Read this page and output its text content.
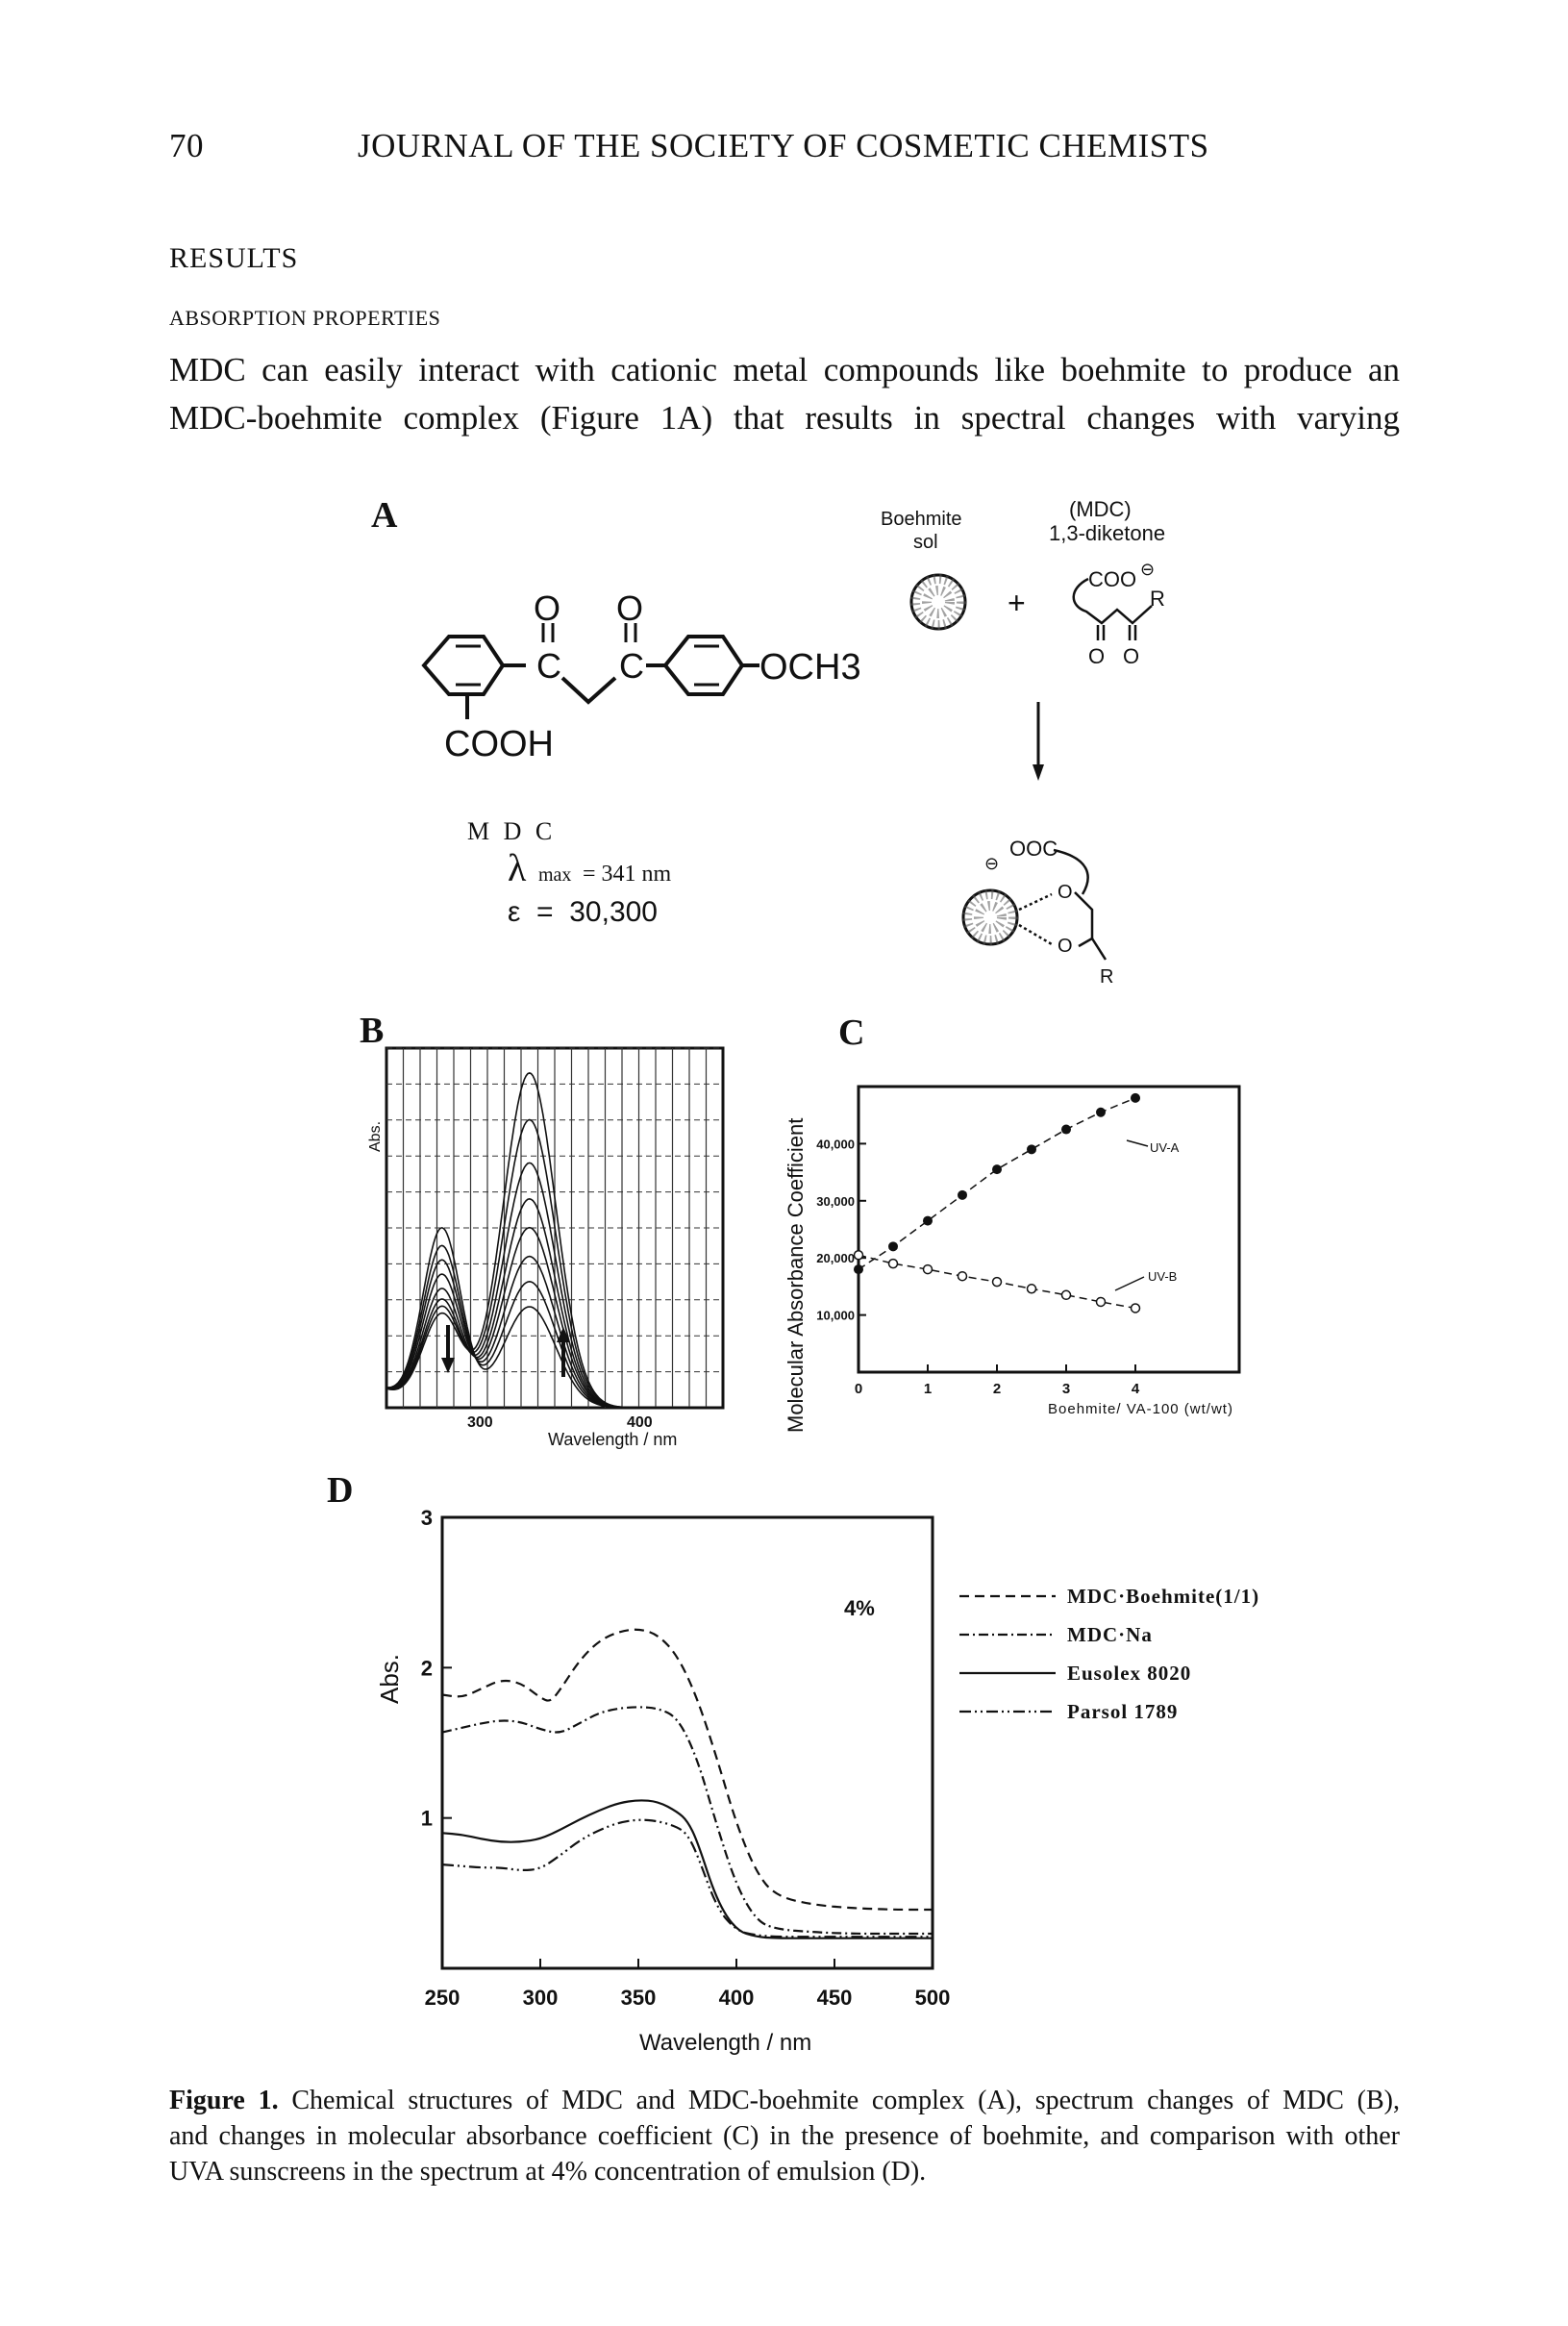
70	JOURNAL OF THE SOCIETY OF COSMETIC CHEMISTS
RESULTS
ABSORPTION PROPERTIES
MDC can easily interact with cationic metal compounds like boehmite to produce an
MDC-boehmite complex (Figure 1A) that results in spectral changes with varying
A
C
O
C
O
OCH3
COOH
M D C
λ max = 341 nm
ε  =  30,300
Boehmite
sol
(MDC)
1,3-diketone
+
COO ⊖
R
O O
OOC
⊖
O
O
R
B
Abs.
300	400
Wavelength / nm
C
40,000
30,000
20,000
10,000
0	1	2	3	4
Molecular Absorbance Coefficient	Boehmite/ VA-100 (wt/wt)
UV-A
UV-B
D
250	300	350	400	450	500
3
2
1
Abs.
Wavelength / nm
4%	MDC·Boehmite(1/1)
MDC·Na
Eusolex 8020
Parsol 1789
Figure 1. Chemical structures of MDC and MDC-boehmite complex (A), spectrum changes of MDC (B),
and changes in molecular absorbance coefficient (C) in the presence of boehmite, and comparison with other
UVA sunscreens in the spectrum at 4% concentration of emulsion (D).
